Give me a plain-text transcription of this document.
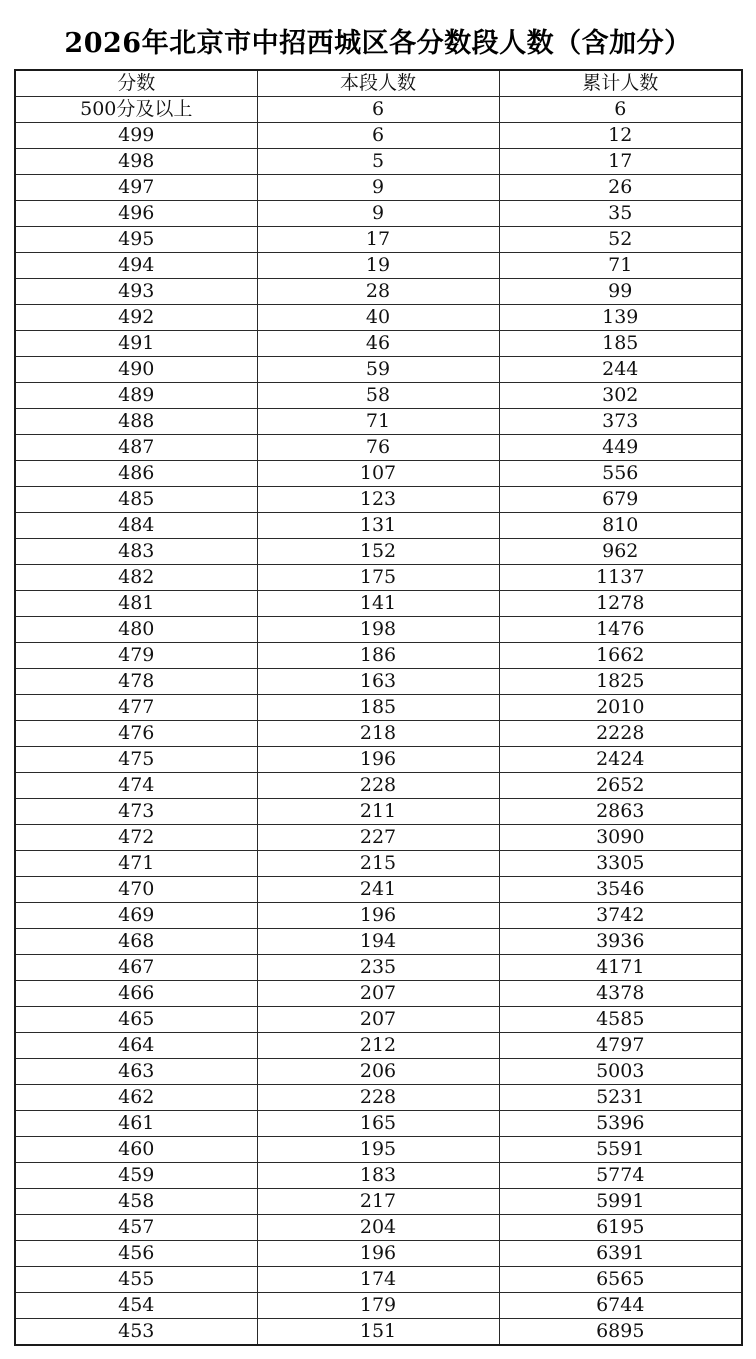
2026年北京市中招西城区各分数段人数（含加分）
分数	本段人数	累计人数
500分及以上	6	6
499	6	12
498	5	17
497	9	26
496	9	35
495	17	52
494	19	71
493	28	99
492	40	139
491	46	185
490	59	244
489	58	302
488	71	373
487	76	449
486	107	556
485	123	679
484	131	810
483	152	962
482	175	1137
481	141	1278
480	198	1476
479	186	1662
478	163	1825
477	185	2010
476	218	2228
475	196	2424
474	228	2652
473	211	2863
472	227	3090
471	215	3305
470	241	3546
469	196	3742
468	194	3936
467	235	4171
466	207	4378
465	207	4585
464	212	4797
463	206	5003
462	228	5231
461	165	5396
460	195	5591
459	183	5774
458	217	5991
457	204	6195
456	196	6391
455	174	6565
454	179	6744
453	151	6895
